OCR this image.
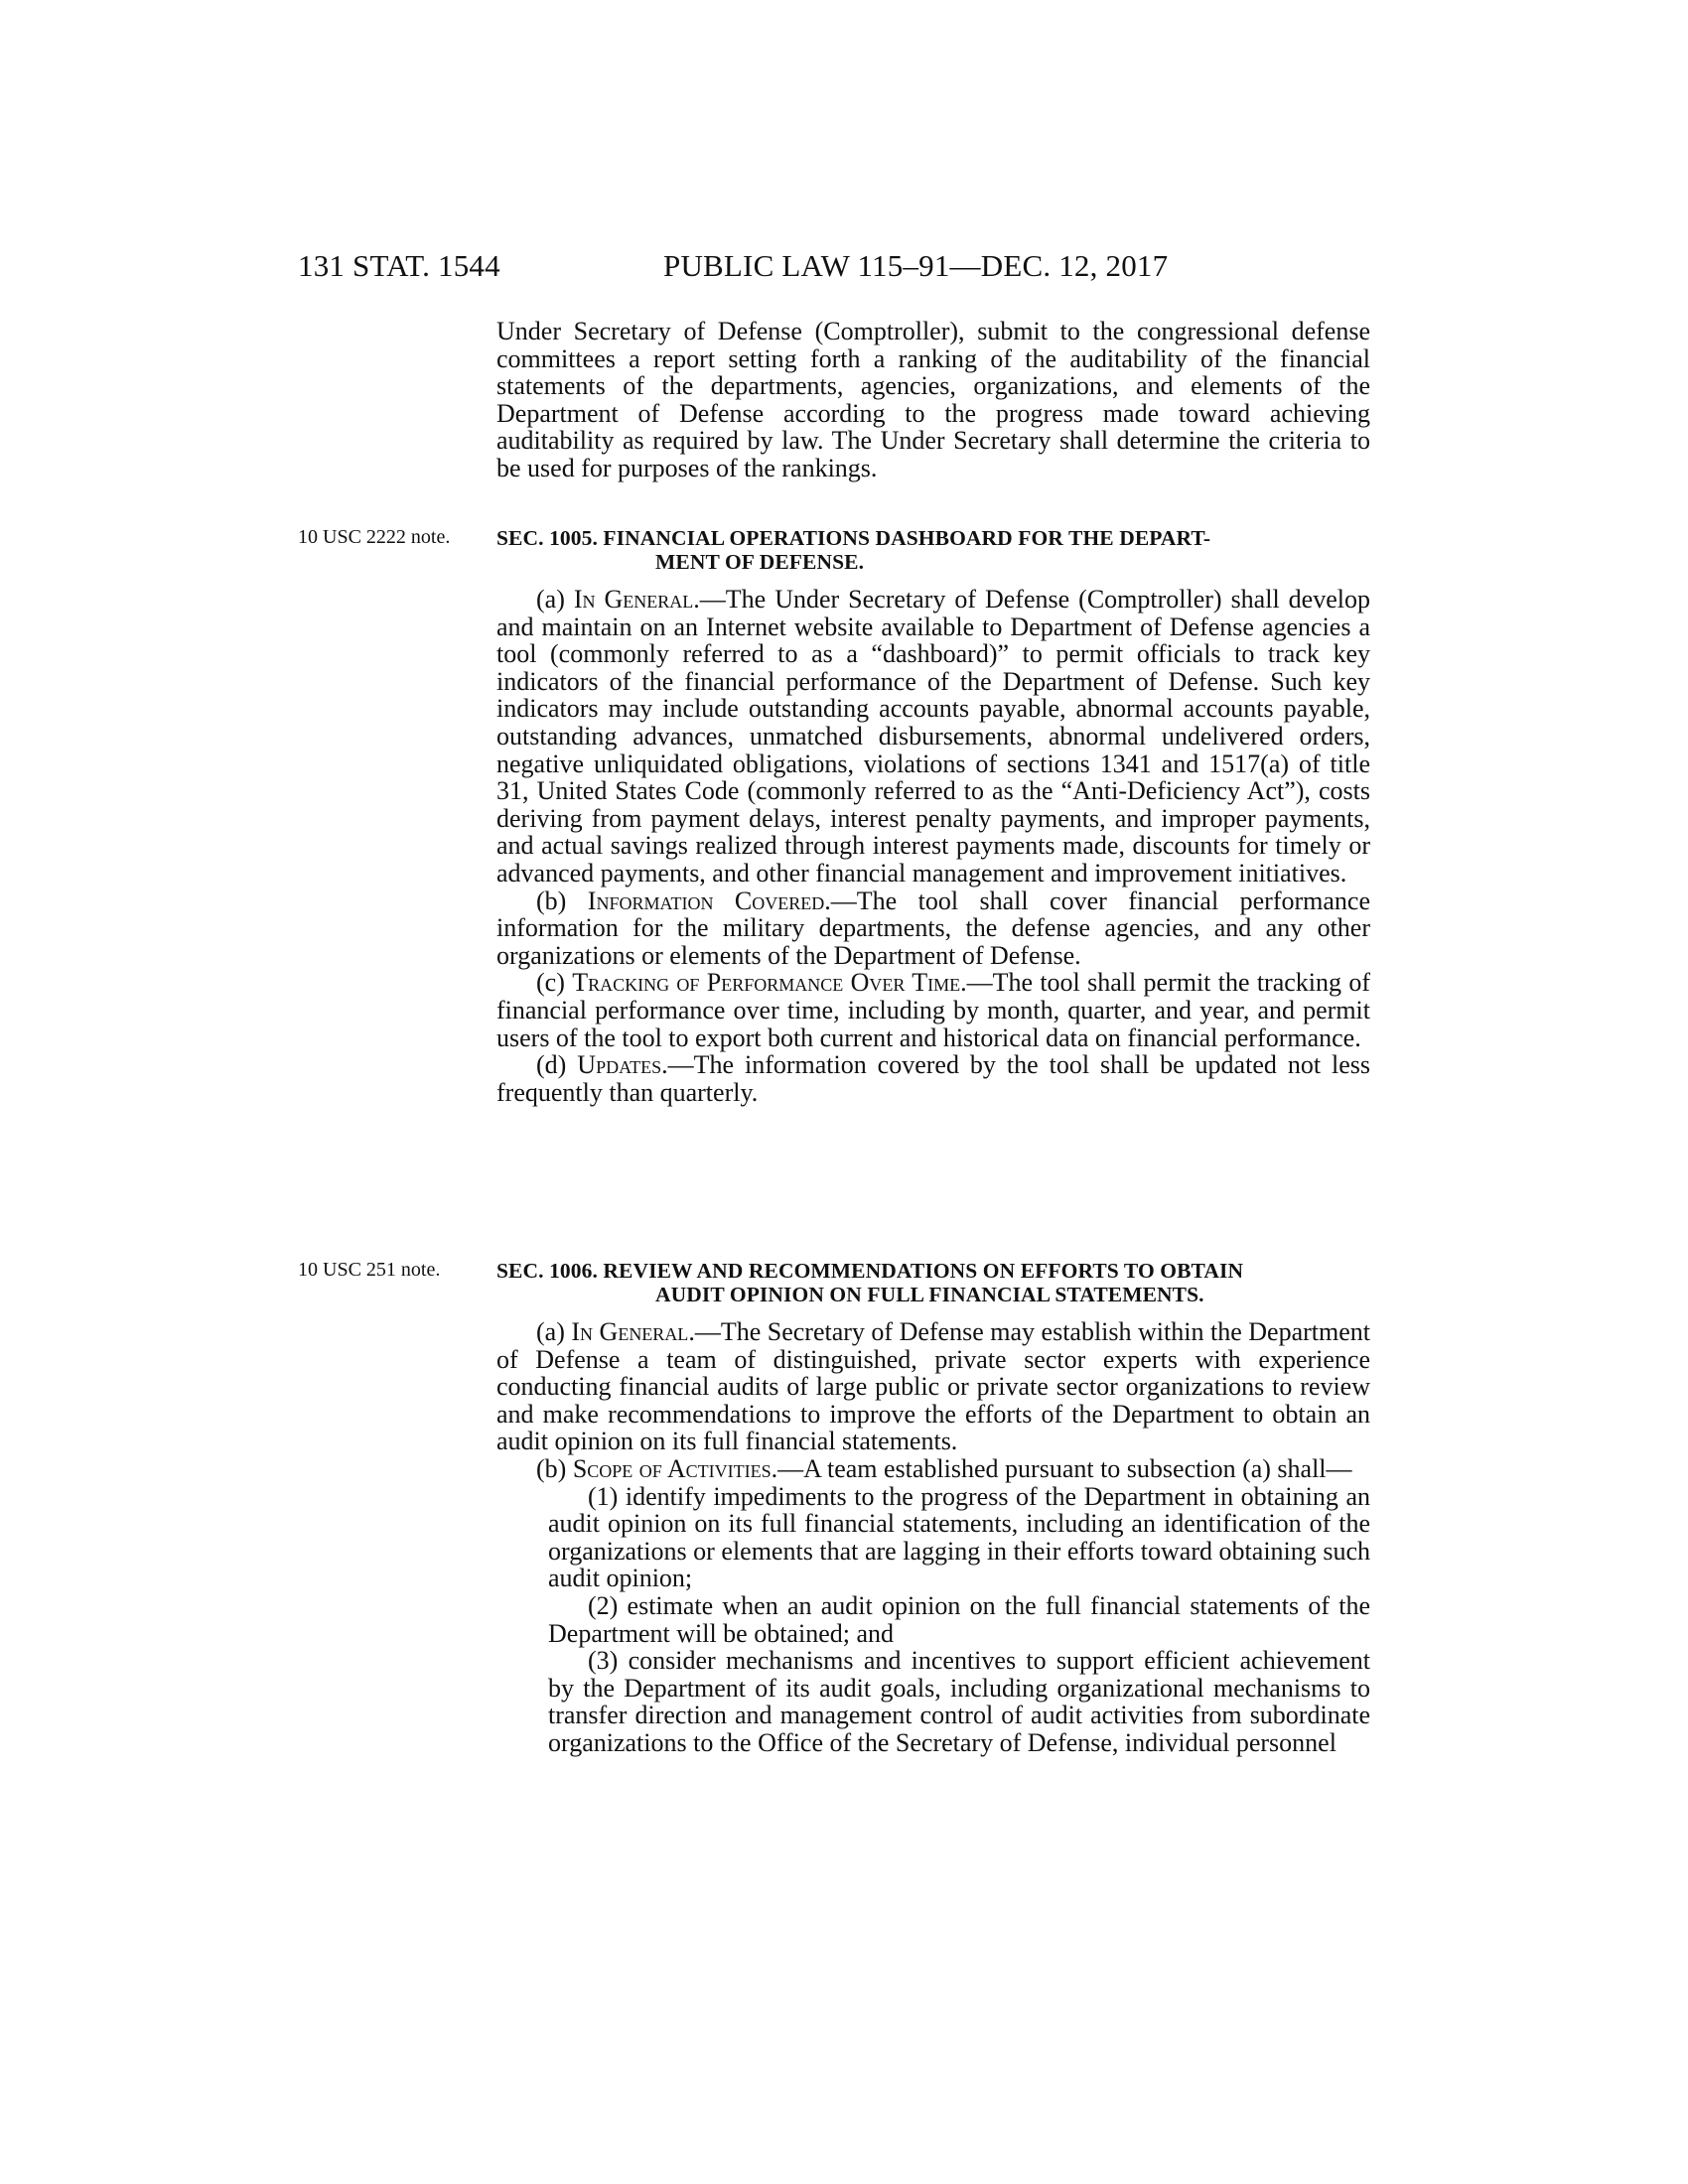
131 STAT. 1544	PUBLIC LAW 115–91—DEC. 12, 2017

Under Secretary of Defense (Comptroller), submit to the congressional defense committees a report setting forth a ranking of the auditability of the financial statements of the departments, agencies, organizations, and elements of the Department of Defense according to the progress made toward achieving auditability as required by law. The Under Secretary shall determine the criteria to be used for purposes of the rankings.

10 USC 2222 note.	SEC. 1005. FINANCIAL OPERATIONS DASHBOARD FOR THE DEPART-
MENT OF DEFENSE.

(a) In General.—The Under Secretary of Defense (Comptroller) shall develop and maintain on an Internet website available to Department of Defense agencies a tool (commonly referred to as a “dashboard)” to permit officials to track key indicators of the financial performance of the Department of Defense. Such key indicators may include outstanding accounts payable, abnormal accounts payable, outstanding advances, unmatched disbursements, abnormal undelivered orders, negative unliquidated obligations, violations of sections 1341 and 1517(a) of title 31, United States Code (commonly referred to as the “Anti-Deficiency Act”), costs deriving from payment delays, interest penalty payments, and improper payments, and actual savings realized through interest payments made, discounts for timely or advanced payments, and other financial management and improvement initiatives.

(b) Information Covered.—The tool shall cover financial performance information for the military departments, the defense agencies, and any other organizations or elements of the Department of Defense.

(c) Tracking of Performance Over Time.—The tool shall permit the tracking of financial performance over time, including by month, quarter, and year, and permit users of the tool to export both current and historical data on financial performance.

(d) Updates.—The information covered by the tool shall be updated not less frequently than quarterly.

10 USC 251 note.	SEC. 1006. REVIEW AND RECOMMENDATIONS ON EFFORTS TO OBTAIN
AUDIT OPINION ON FULL FINANCIAL STATEMENTS.

(a) In General.—The Secretary of Defense may establish within the Department of Defense a team of distinguished, private sector experts with experience conducting financial audits of large public or private sector organizations to review and make recommendations to improve the efforts of the Department to obtain an audit opinion on its full financial statements.

(b) Scope of Activities.—A team established pursuant to subsection (a) shall—

(1) identify impediments to the progress of the Department in obtaining an audit opinion on its full financial statements, including an identification of the organizations or elements that are lagging in their efforts toward obtaining such audit opinion;

(2) estimate when an audit opinion on the full financial statements of the Department will be obtained; and

(3) consider mechanisms and incentives to support efficient achievement by the Department of its audit goals, including organizational mechanisms to transfer direction and management control of audit activities from subordinate organizations to the Office of the Secretary of Defense, individual personnel
